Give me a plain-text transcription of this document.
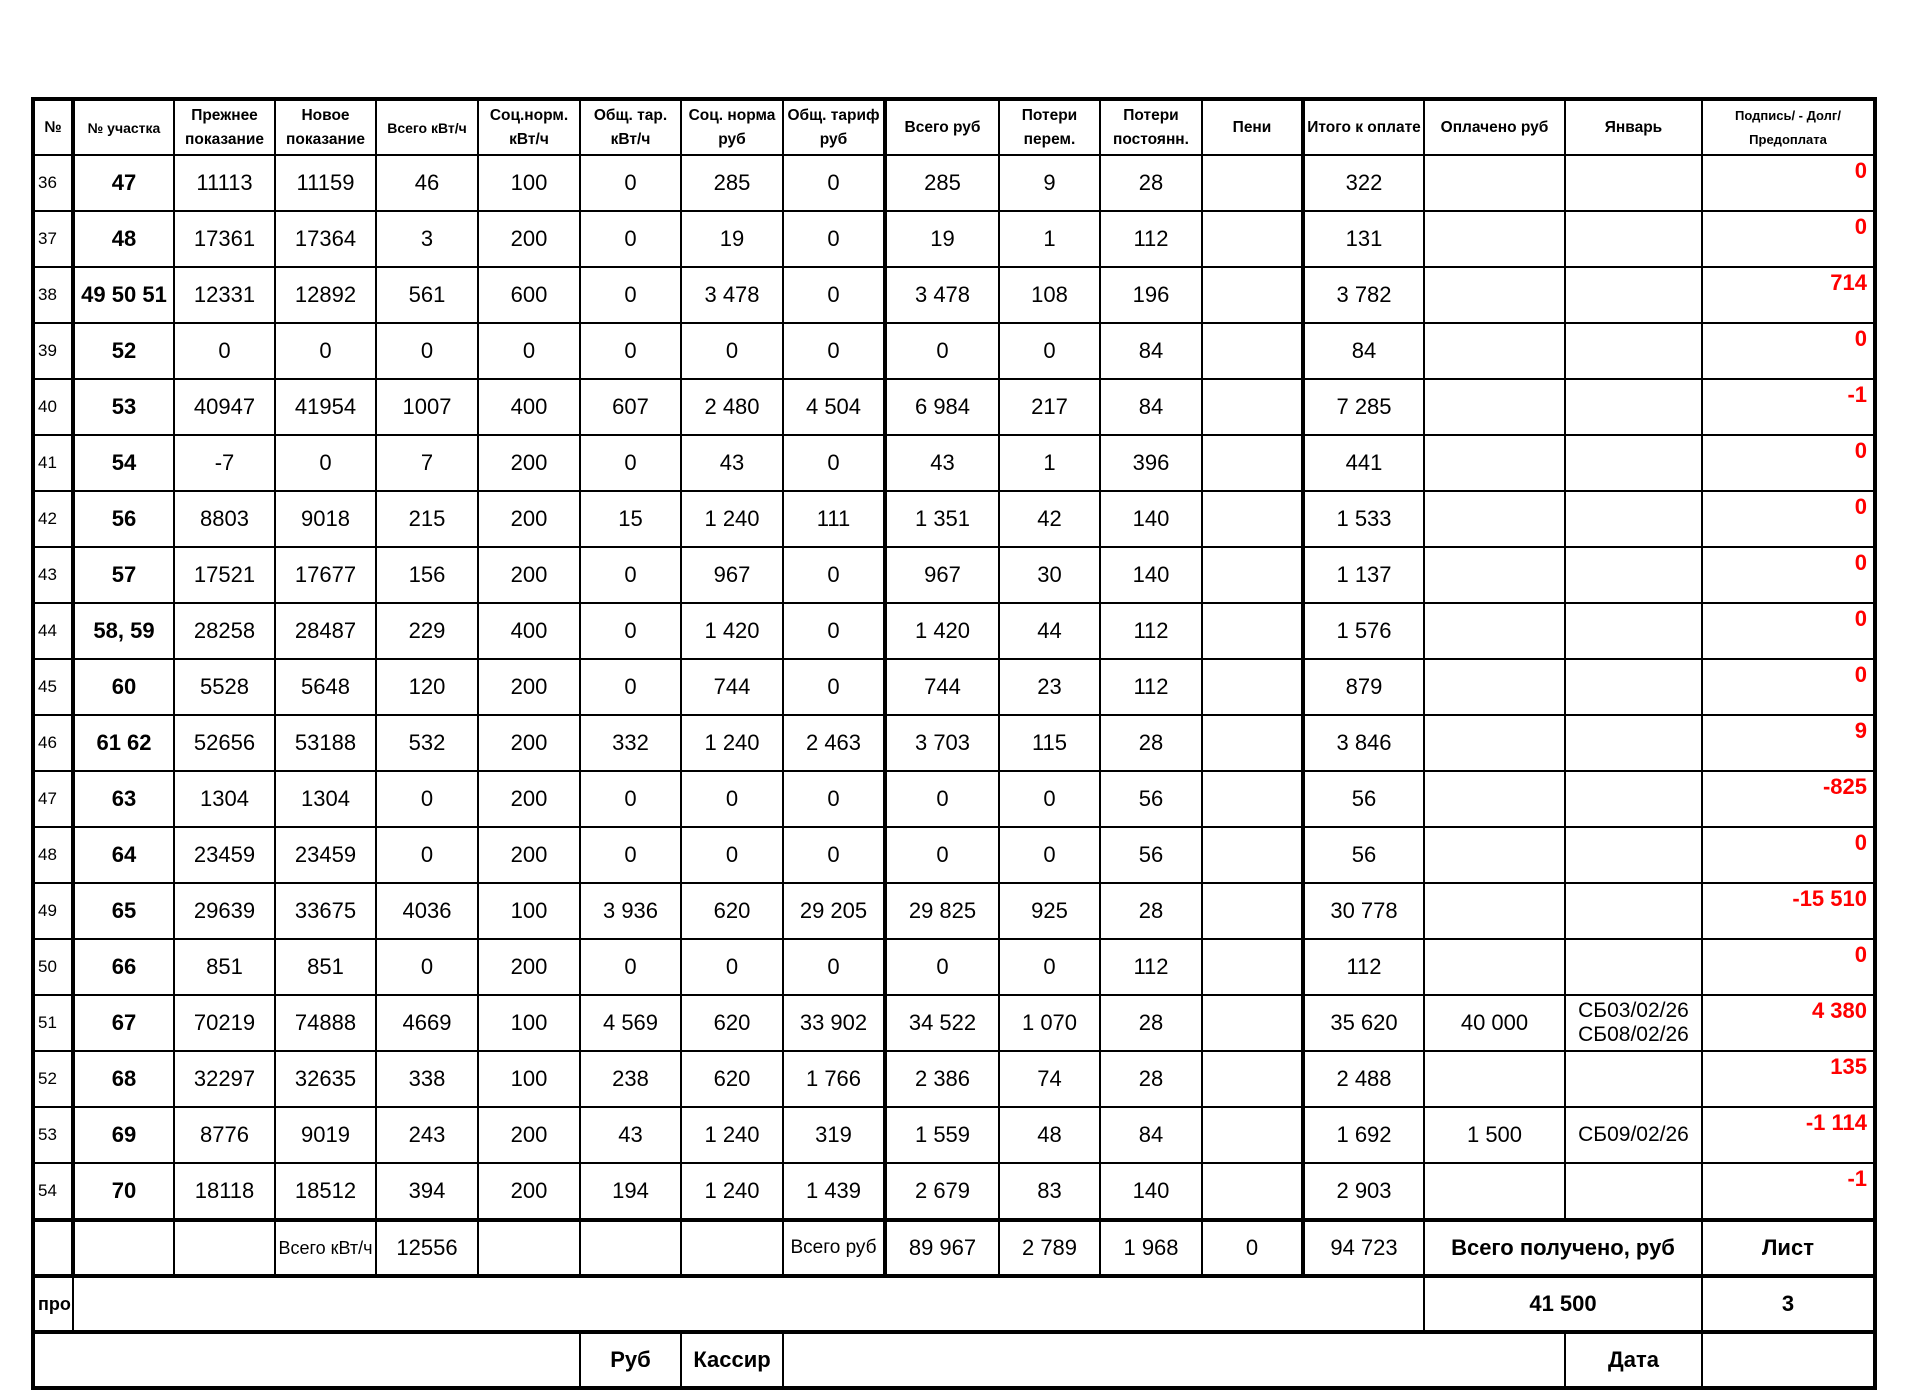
№	№ участка	Прежнее показание	Новое показание	Всего кВт/ч	Соц.норм. кВт/ч	Общ. тар. кВт/ч	Соц. норма руб	Общ. тариф руб	Всего руб	Потери перем.	Потери постоянн.	Пени	Итого к оплате	Оплачено руб	Январь	Подпись/ - Долг/Предоплата
36	47	11113	11159	46	100	0	285	0	285	9	28		322			0
37	48	17361	17364	3	200	0	19	0	19	1	112		131			0
38	49 50 51	12331	12892	561	600	0	3 478	0	3 478	108	196		3 782			714
39	52	0	0	0	0	0	0	0	0	0	84		84			0
40	53	40947	41954	1007	400	607	2 480	4 504	6 984	217	84		7 285			-1
41	54	-7	0	7	200	0	43	0	43	1	396		441			0
42	56	8803	9018	215	200	15	1 240	111	1 351	42	140		1 533			0
43	57	17521	17677	156	200	0	967	0	967	30	140		1 137			0
44	58, 59	28258	28487	229	400	0	1 420	0	1 420	44	112		1 576			0
45	60	5528	5648	120	200	0	744	0	744	23	112		879			0
46	61 62	52656	53188	532	200	332	1 240	2 463	3 703	115	28		3 846			9
47	63	1304	1304	0	200	0	0	0	0	0	56		56			-825
48	64	23459	23459	0	200	0	0	0	0	0	56		56			0
49	65	29639	33675	4036	100	3 936	620	29 205	29 825	925	28		30 778			-15 510
50	66	851	851	0	200	0	0	0	0	0	112		112			0
51	67	70219	74888	4669	100	4 569	620	33 902	34 522	1 070	28		35 620	40 000	СБ03/02/26 СБ08/02/26	4 380
52	68	32297	32635	338	100	238	620	1 766	2 386	74	28		2 488			135
53	69	8776	9019	243	200	43	1 240	319	1 559	48	84		1 692	1 500	СБ09/02/26	-1 114
54	70	18118	18512	394	200	194	1 240	1 439	2 679	83	140		2 903			-1
			Всего кВт/ч	12556				Всего руб	89 967	2 789	1 968	0	94 723	Всего получено, руб		Лист
про														41 500		3
						Руб	Кассир								Дата	
